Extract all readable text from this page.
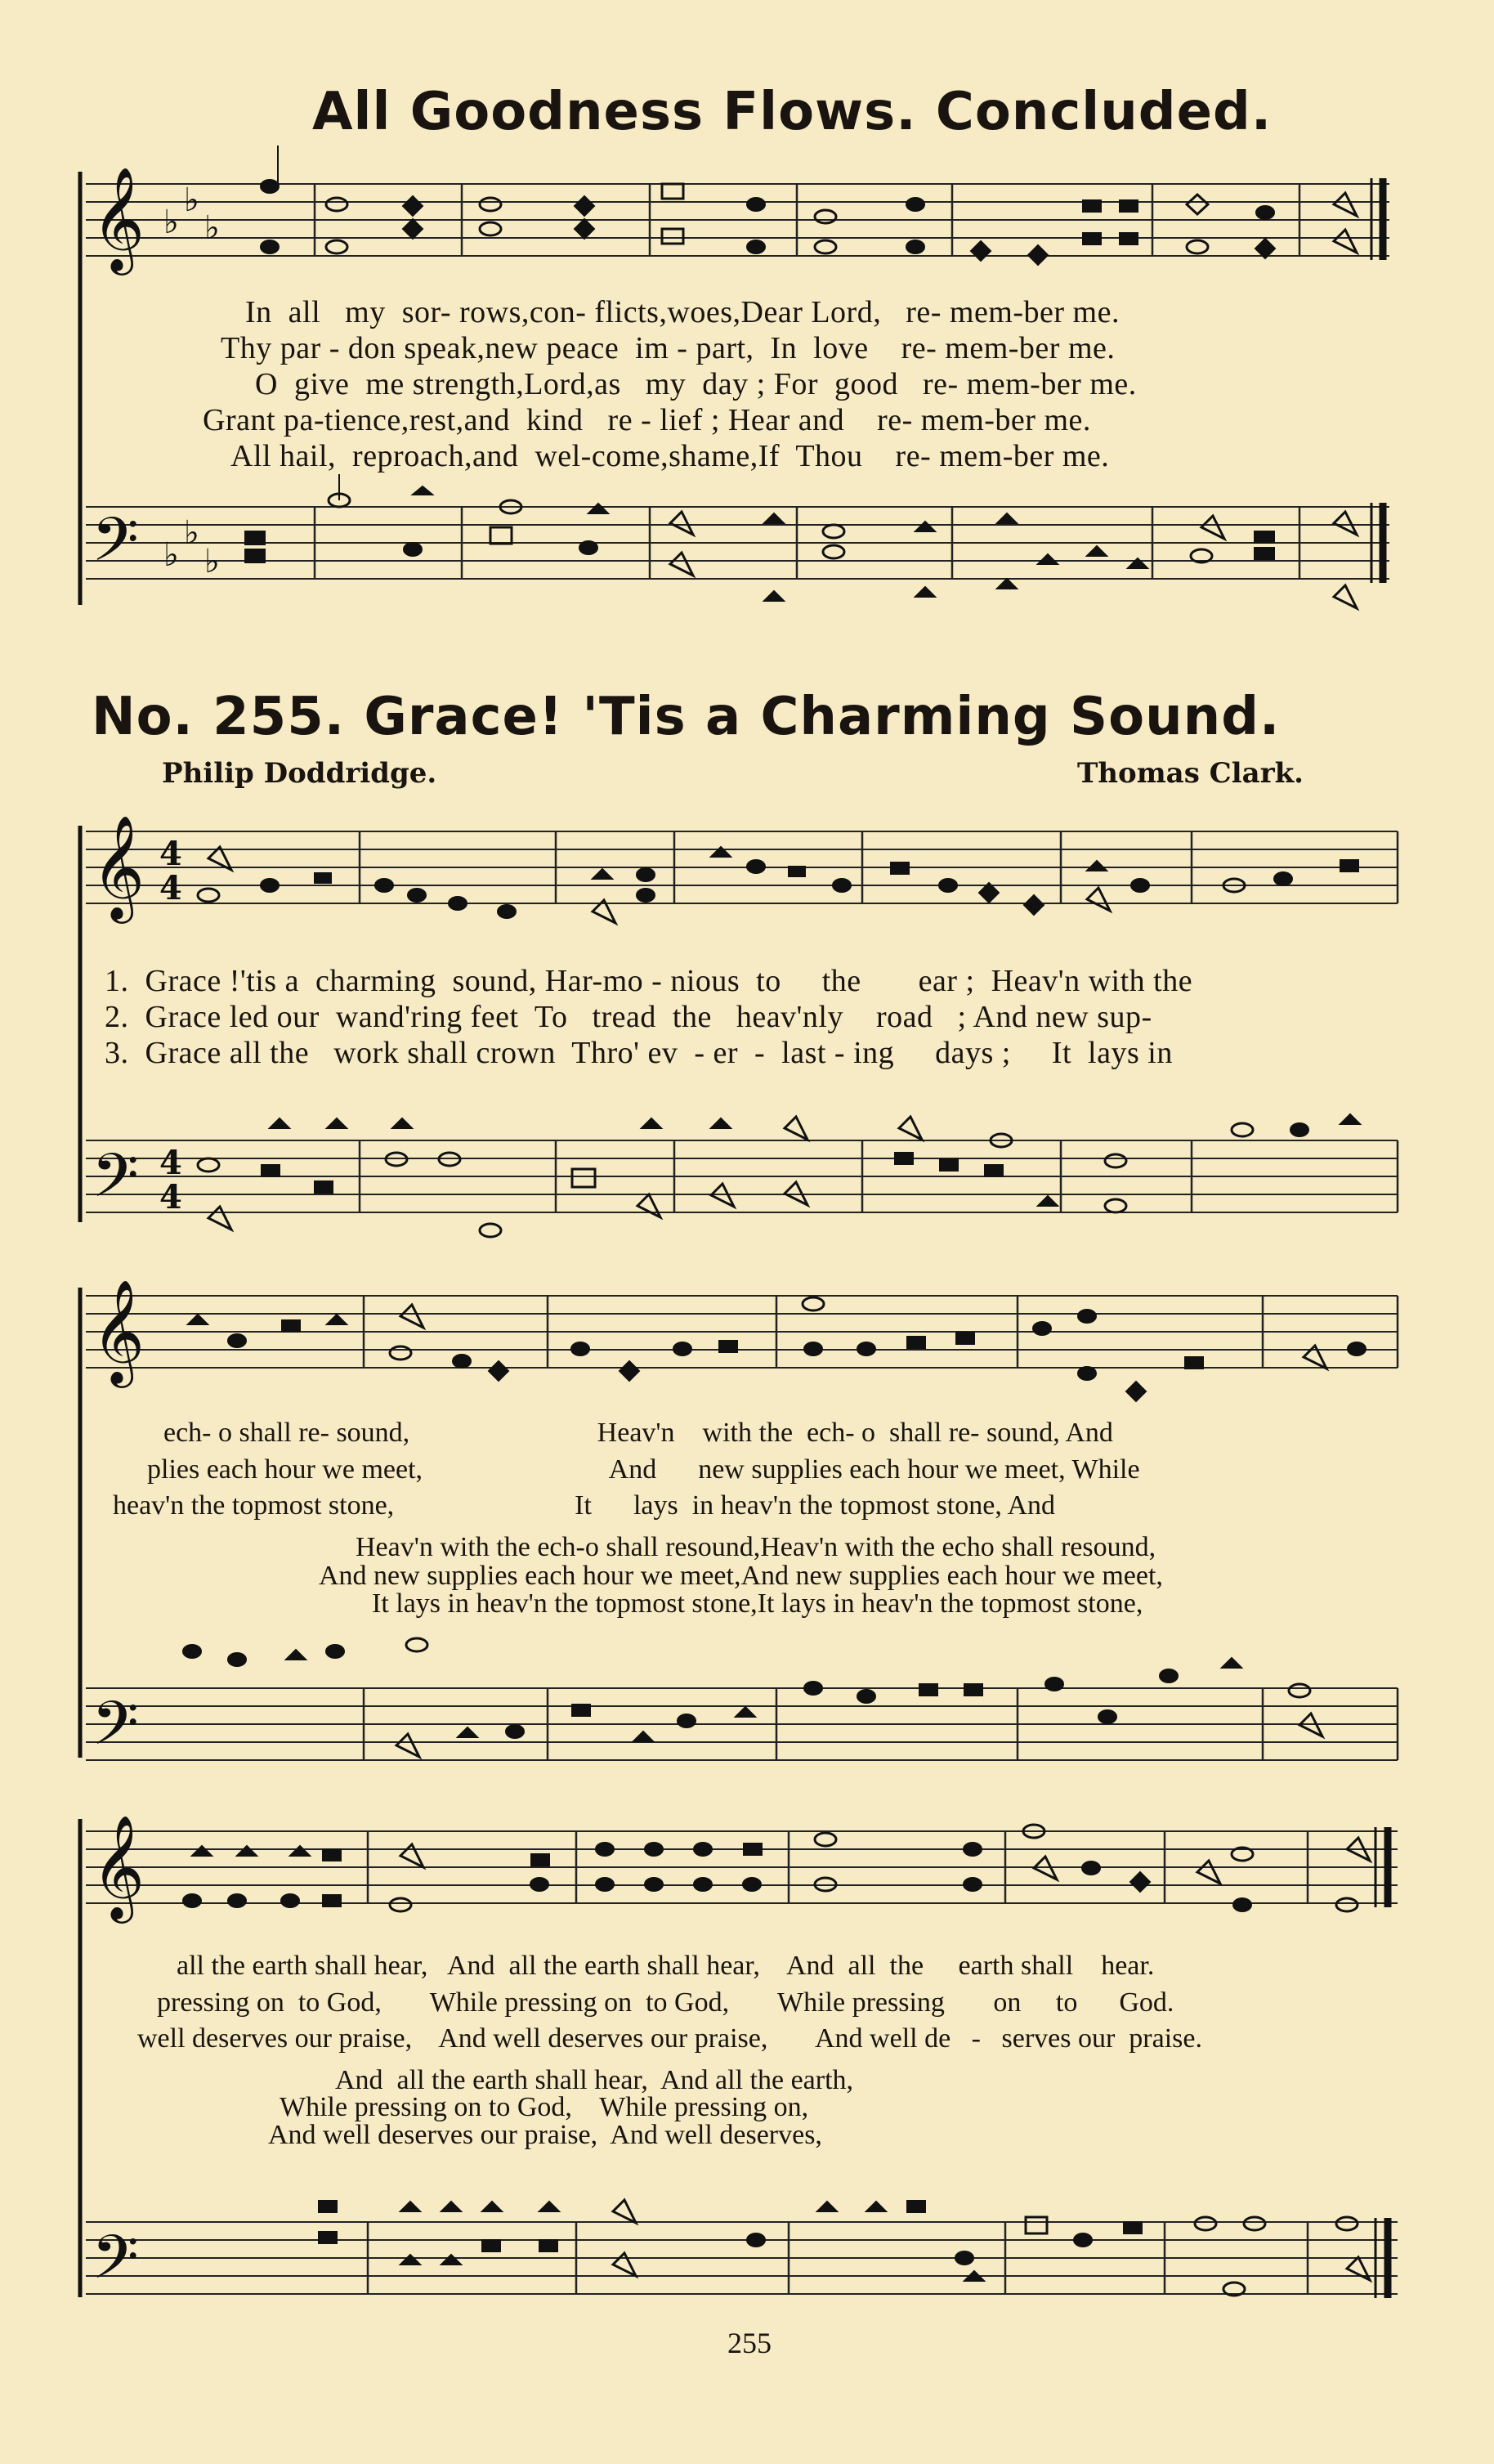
All Goodness Flows. Concluded.
𝄞
𝄢
♭
♭
♭
♭
♭
♭
𝄞
𝄢
4
4
4
4
𝄞
𝄢
𝄞
𝄢
In  all   my  sor- rows,con- flicts,woes,Dear Lord,   re- mem-ber me.
Thy par - don speak,new peace  im - part,  In  love    re- mem-ber me.
O  give  me strength,Lord,as   my  day ; For  good   re- mem-ber me.
Grant pa-tience,rest,and  kind   re - lief ; Hear and    re- mem-ber me.
All hail,  reproach,and  wel-come,shame,If  Thou    re- mem-ber me.
No. 255. Grace! 'Tis a Charming Sound.
Philip Doddridge.	Thomas Clark.
1.  Grace !'tis a  charming  sound, Har-mo - nious  to     the       ear ;  Heav'n with the
2.  Grace led our  wand'ring feet  To   tread  the   heav'nly    road   ; And new sup-
3.  Grace all the   work shall crown  Thro' ev  - er  -  last - ing     days ;     It  lays in
ech- o shall re- sound,                           Heav'n    with the  ech- o  shall re- sound, And
plies each hour we meet,                           And      new supplies each hour we meet, While
heav'n the topmost stone,                          It      lays  in heav'n the topmost stone, And
Heav'n with the ech-o shall resound,Heav'n with the echo shall resound,
And new supplies each hour we meet,And new supplies each hour we meet,
It lays in heav'n the topmost stone,It lays in heav'n the topmost stone,
all the earth shall hear,   And  all the earth shall hear,    And  all  the     earth shall    hear.
pressing on  to God,       While pressing on  to God,       While pressing       on     to      God.
well deserves our praise,    And well deserves our praise,       And well de   -   serves our  praise.
And  all the earth shall hear,  And all the earth,
While pressing on to God,    While pressing on,
And well deserves our praise,  And well deserves,
255
